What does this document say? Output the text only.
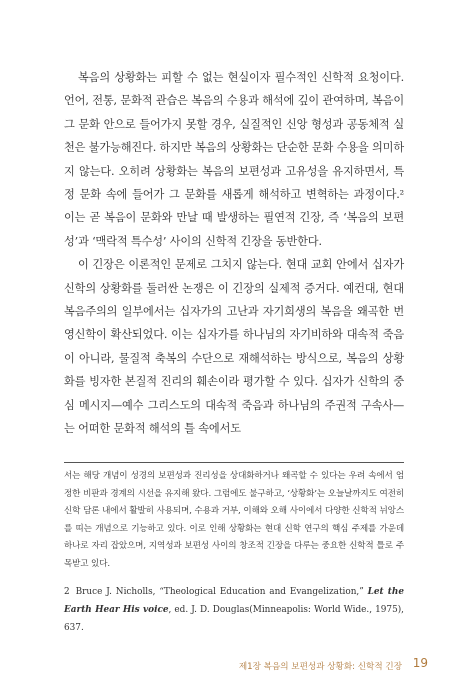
복음의 상황화는 피할 수 없는 현실이자 필수적인 신학적 요청이다. 언어, 전통, 문화적 관습은 복음의 수용과 해석에 깊이 관여하며, 복음이 그 문화 안으로 들어가지 못할 경우, 실질적인 신앙 형성과 공동체적 실천은 불가능해진다. 하지만 복음의 상황화는 단순한 문화 수용을 의미하지 않는다. 오히려 상황화는 복음의 보편성과 고유성을 유지하면서, 특정 문화 속에 들어가 그 문화를 새롭게 해석하고 변혁하는 과정이다.² 이는 곧 복음이 문화와 만날 때 발생하는 필연적 긴장, 즉 ‘복음의 보편성’과 ‘맥락적 특수성’ 사이의 신학적 긴장을 동반한다.

이 긴장은 이론적인 문제로 그치지 않는다. 현대 교회 안에서 십자가 신학의 상황화를 둘러싼 논쟁은 이 긴장의 실제적 증거다. 예컨대, 현대 복음주의의 일부에서는 십자가의 고난과 자기희생의 복음을 왜곡한 번영신학이 확산되었다. 이는 십자가를 하나님의 자기비하와 대속적 죽음이 아니라, 물질적 축복의 수단으로 재해석하는 방식으로, 복음의 상황화를 빙자한 본질적 진리의 훼손이라 평가할 수 있다. 십자가 신학의 중심 메시지—예수 그리스도의 대속적 죽음과 하나님의 주권적 구속사—는 어떠한 문화적 해석의 틀 속에서도

서는 해당 개념이 성경의 보편성과 진리성을 상대화하거나 왜곡할 수 있다는 우려 속에서 엄정한 비판과 경계의 시선을 유지해 왔다. 그럼에도 불구하고, ‘상황화’는 오늘날까지도 여전히 신학 담론 내에서 활발히 사용되며, 수용과 거부, 이해와 오해 사이에서 다양한 신학적 뉘앙스를 띠는 개념으로 기능하고 있다. 이로 인해 상황화는 현대 신학 연구의 핵심 주제를 가운데 하나로 자리 잡았으며, 지역성과 보편성 사이의 창조적 긴장을 다루는 중요한 신학적 틀로 주목받고 있다.

2 Bruce J. Nicholls, “Theological Education and Evangelization,” Let the Earth Hear His voice, ed. J. D. Douglas(Minneapolis: World Wide., 1975), 637.

제1장 복음의 보편성과 상황화: 신학적 긴장 19
